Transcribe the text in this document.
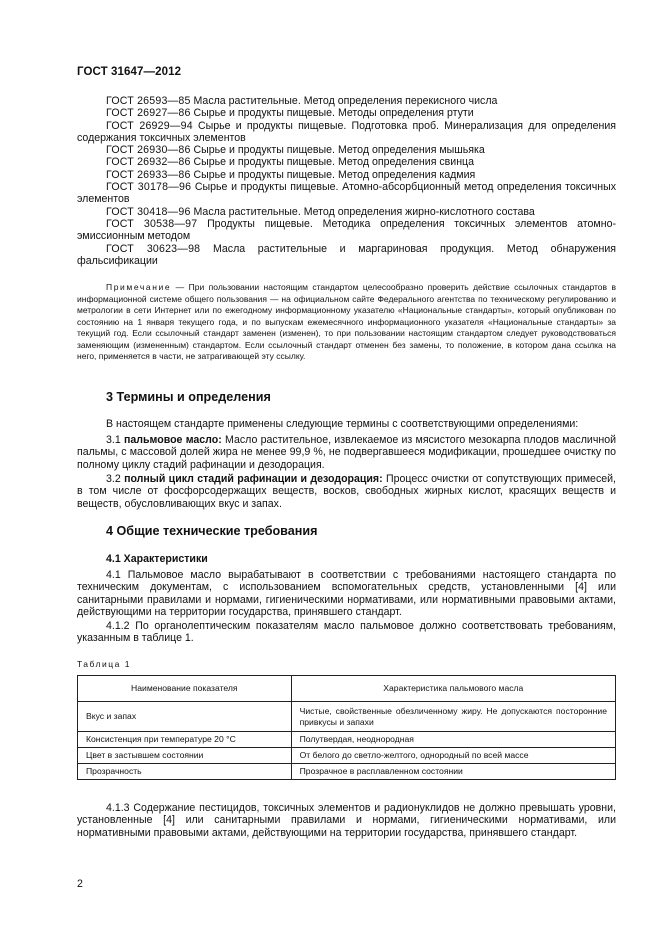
ГОСТ 31647—2012

ГОСТ 26593—85 Масла растительные. Метод определения перекисного числа

ГОСТ 26927—86 Сырье и продукты пищевые. Методы определения ртути

ГОСТ 26929—94 Сырье и продукты пищевые. Подготовка проб. Минерализация для определения содержания токсичных элементов

ГОСТ 26930—86 Сырье и продукты пищевые. Метод определения мышьяка

ГОСТ 26932—86 Сырье и продукты пищевые. Метод определения свинца

ГОСТ 26933—86 Сырье и продукты пищевые. Метод определения кадмия

ГОСТ 30178—96 Сырье и продукты пищевые. Атомно-абсорбционный метод определения токсичных элементов

ГОСТ 30418—96 Масла растительные. Метод определения жирно-кислотного состава

ГОСТ 30538—97 Продукты пищевые. Методика определения токсичных элементов атомно-эмиссионным методом

ГОСТ 30623—98 Масла растительные и маргариновая продукция. Метод обнаружения фальсификации

Примечание — При пользовании настоящим стандартом целесообразно проверить действие ссылочных стандартов в информационной системе общего пользования — на официальном сайте Федерального агентства по техническому регулированию и метрологии в сети Интернет или по ежегодному информационному указателю «Национальные стандарты», который опубликован по состоянию на 1 января текущего года, и по выпускам ежемесячного информационного указателя «Национальные стандарты» за текущий год. Если ссылочный стандарт заменен (изменен), то при пользовании настоящим стандартом следует руководствоваться заменяющим (измененным) стандартом. Если ссылочный стандарт отменен без замены, то положение, в котором дана ссылка на него, применяется в части, не затрагивающей эту ссылку.
3 Термины и определения

В настоящем стандарте применены следующие термины с соответствующими определениями:

3.1 пальмовое масло: Масло растительное, извлекаемое из мясистого мезокарпа плодов масличной пальмы, с массовой долей жира не менее 99,9 %, не подвергавшееся модификации, прошедшее очистку по полному циклу стадий рафинации и дезодорация.

3.2 полный цикл стадий рафинации и дезодорация: Процесс очистки от сопутствующих примесей, в том числе от фосфорсодержащих веществ, восков, свободных жирных кислот, красящих веществ и веществ, обусловливающих вкус и запах.

4 Общие технические требования
4.1 Характеристики

4.1 Пальмовое масло вырабатывают в соответствии с требованиями настоящего стандарта по техническим документам, с использованием вспомогательных средств, установленными [4] или санитарными правилами и нормами, гигиеническими нормативами, или нормативными правовыми актами, действующими на территории государства, принявшего стандарт.

4.1.2 По органолептическим показателям масло пальмовое должно соответствовать требованиям, указанным в таблице 1.

Таблица 1
Наименование показателя	Характеристика пальмового масла
Вкус и запах	Чистые, свойственные обезличенному жиру. Не допускаются посторонние привкусы и запахи
Консистенция при температуре 20 °С	Полутвердая, неоднородная
Цвет в застывшем состоянии	От белого до светло-желтого, однородный по всей массе
Прозрачность	Прозрачное в расплавленном состоянии

4.1.3 Содержание пестицидов, токсичных элементов и радионуклидов не должно превышать уровни, установленные [4] или санитарными правилами и нормами, гигиеническими нормативами, или нормативными правовыми актами, действующими на территории государства, принявшего стандарт.

2
